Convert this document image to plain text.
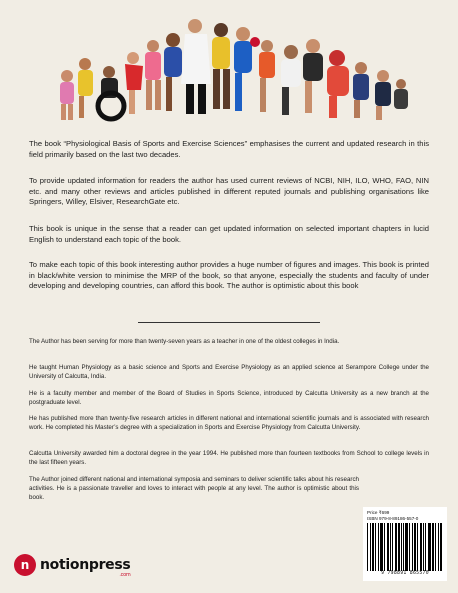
The book “Physiological Basis of Sports and Exercise Sciences” emphasises the current and updated research in this field primarily based on the last two decades.

To provide updated information for readers the author has used current reviews of NCBI, NIH, ILO, WHO, FAO, NIN etc. and many other reviews and articles published in different reputed journals and publishing organisations like Springers, Willey, Elsiver, ResearchGate etc.

This book is unique in the sense that a reader can get updated information on selected important chapters in lucid English to understand each topic of the book.

To make each topic of this book interesting author provides a huge number of figures and images. This book is printed in black/white version to minimise the MRP of the book, so that anyone, especially the students and faculty of under developing and developing countries, can afford this book. The author is optimistic about this book

The Author has been serving for more than twenty-seven years as a teacher in one of the oldest colleges in India.

He taught Human Physiology as a basic science and Sports and Exercise Physiology as an applied science at Serampore College under the University of Calcutta, India.

He is a faculty member and member of the Board of Studies in Sports Science, introduced by Calcutta University as a new branch at the postgraduate level.

He has published more than twenty-five research articles in different national and international scientific journals and is associated with research work. He completed his Master’s degree with a specialization in Sports and Exercise Physiology from Calcutta University.

Calcutta University awarded him a doctoral degree in the year 1994. He published more than fourteen textbooks from School to college levels in the last fifteen years.

The Author joined different national and international symposia and seminars to deliver scientific talks about his research activities. He is a passionate traveller and loves to interact with people at any level. The author is optimistic about this book.

n notionpress
.com
Price ₹699
ISBN 979-8-89186-557-0
9 798891 865570
